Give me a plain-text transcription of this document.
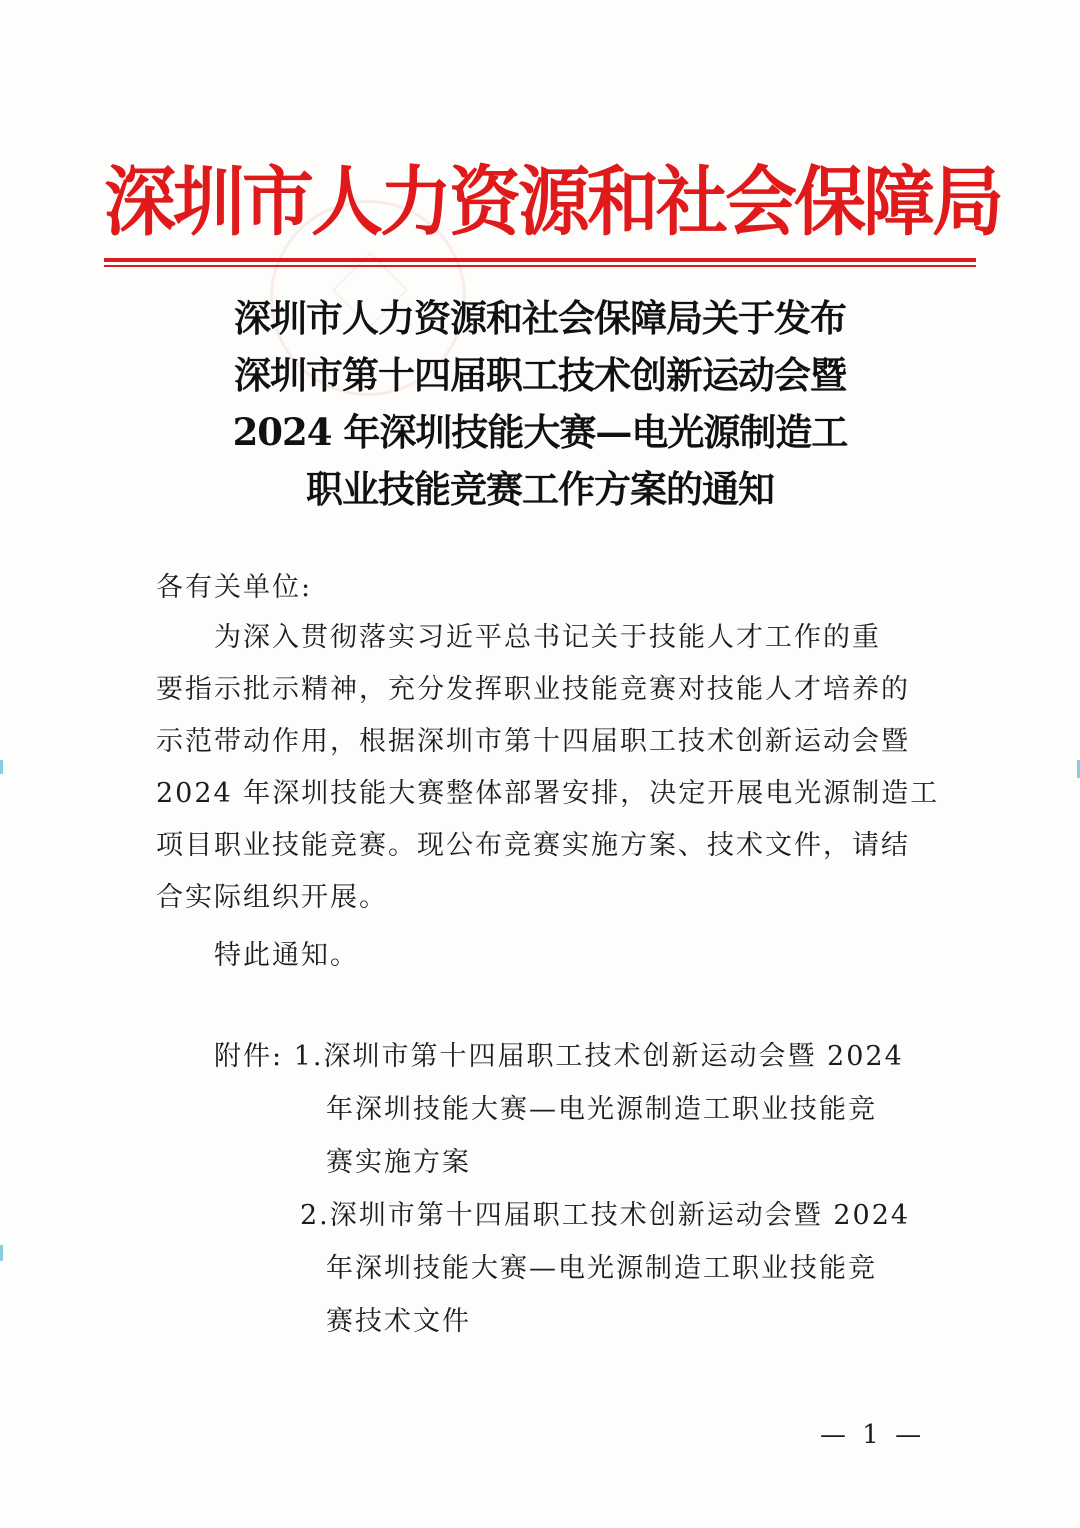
深圳市人力资源和社会保障局
深圳市人力资源和社会保障局关于发布
深圳市第十四届职工技术创新运动会暨
2024 年深圳技能大赛—电光源制造工
职业技能竞赛工作方案的通知
各有关单位:
为深入贯彻落实习近平总书记关于技能人才工作的重
要指示批示精神，充分发挥职业技能竞赛对技能人才培养的
示范带动作用，根据深圳市第十四届职工技术创新运动会暨
2024 年深圳技能大赛整体部署安排，决定开展电光源制造工
项目职业技能竞赛。现公布竞赛实施方案、技术文件，请结
合实际组织开展。
特此通知。
附件: 1.深圳市第十四届职工技术创新运动会暨 2024
年深圳技能大赛—电光源制造工职业技能竞
赛实施方案
2.深圳市第十四届职工技术创新运动会暨 2024
年深圳技能大赛—电光源制造工职业技能竞
赛技术文件
— 1 —
